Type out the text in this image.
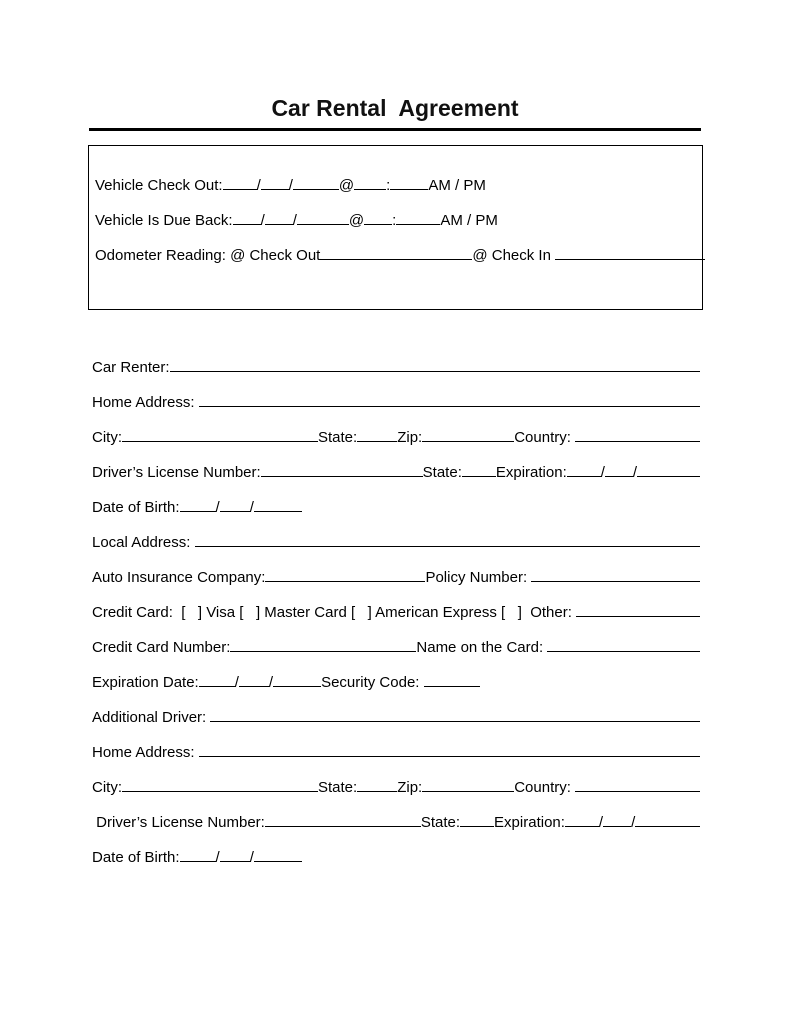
Car Rental  Agreement
Vehicle Check Out: / /	@ :	AM / PM
Vehicle Is Due Back: / /	@ :	AM / PM
Odometer Reading: @ Check Out	@ Check In
Car Renter:
Home Address:
City:	State:	Zip:	Country:
Driver’s License Number:	State: Expiration: / /
Date of Birth: / /
Local Address:
Auto Insurance Company:	Policy Number:
Credit Card:  [   ] Visa [   ] Master Card [   ] American Express [   ]  Other:
Credit Card Number:	Name on the Card:
Expiration Date: / /	Security Code:
Additional Driver:
Home Address:
City:	State:	Zip:	Country:
Driver’s License Number:	State: Expiration: / /
Date of Birth: / /
